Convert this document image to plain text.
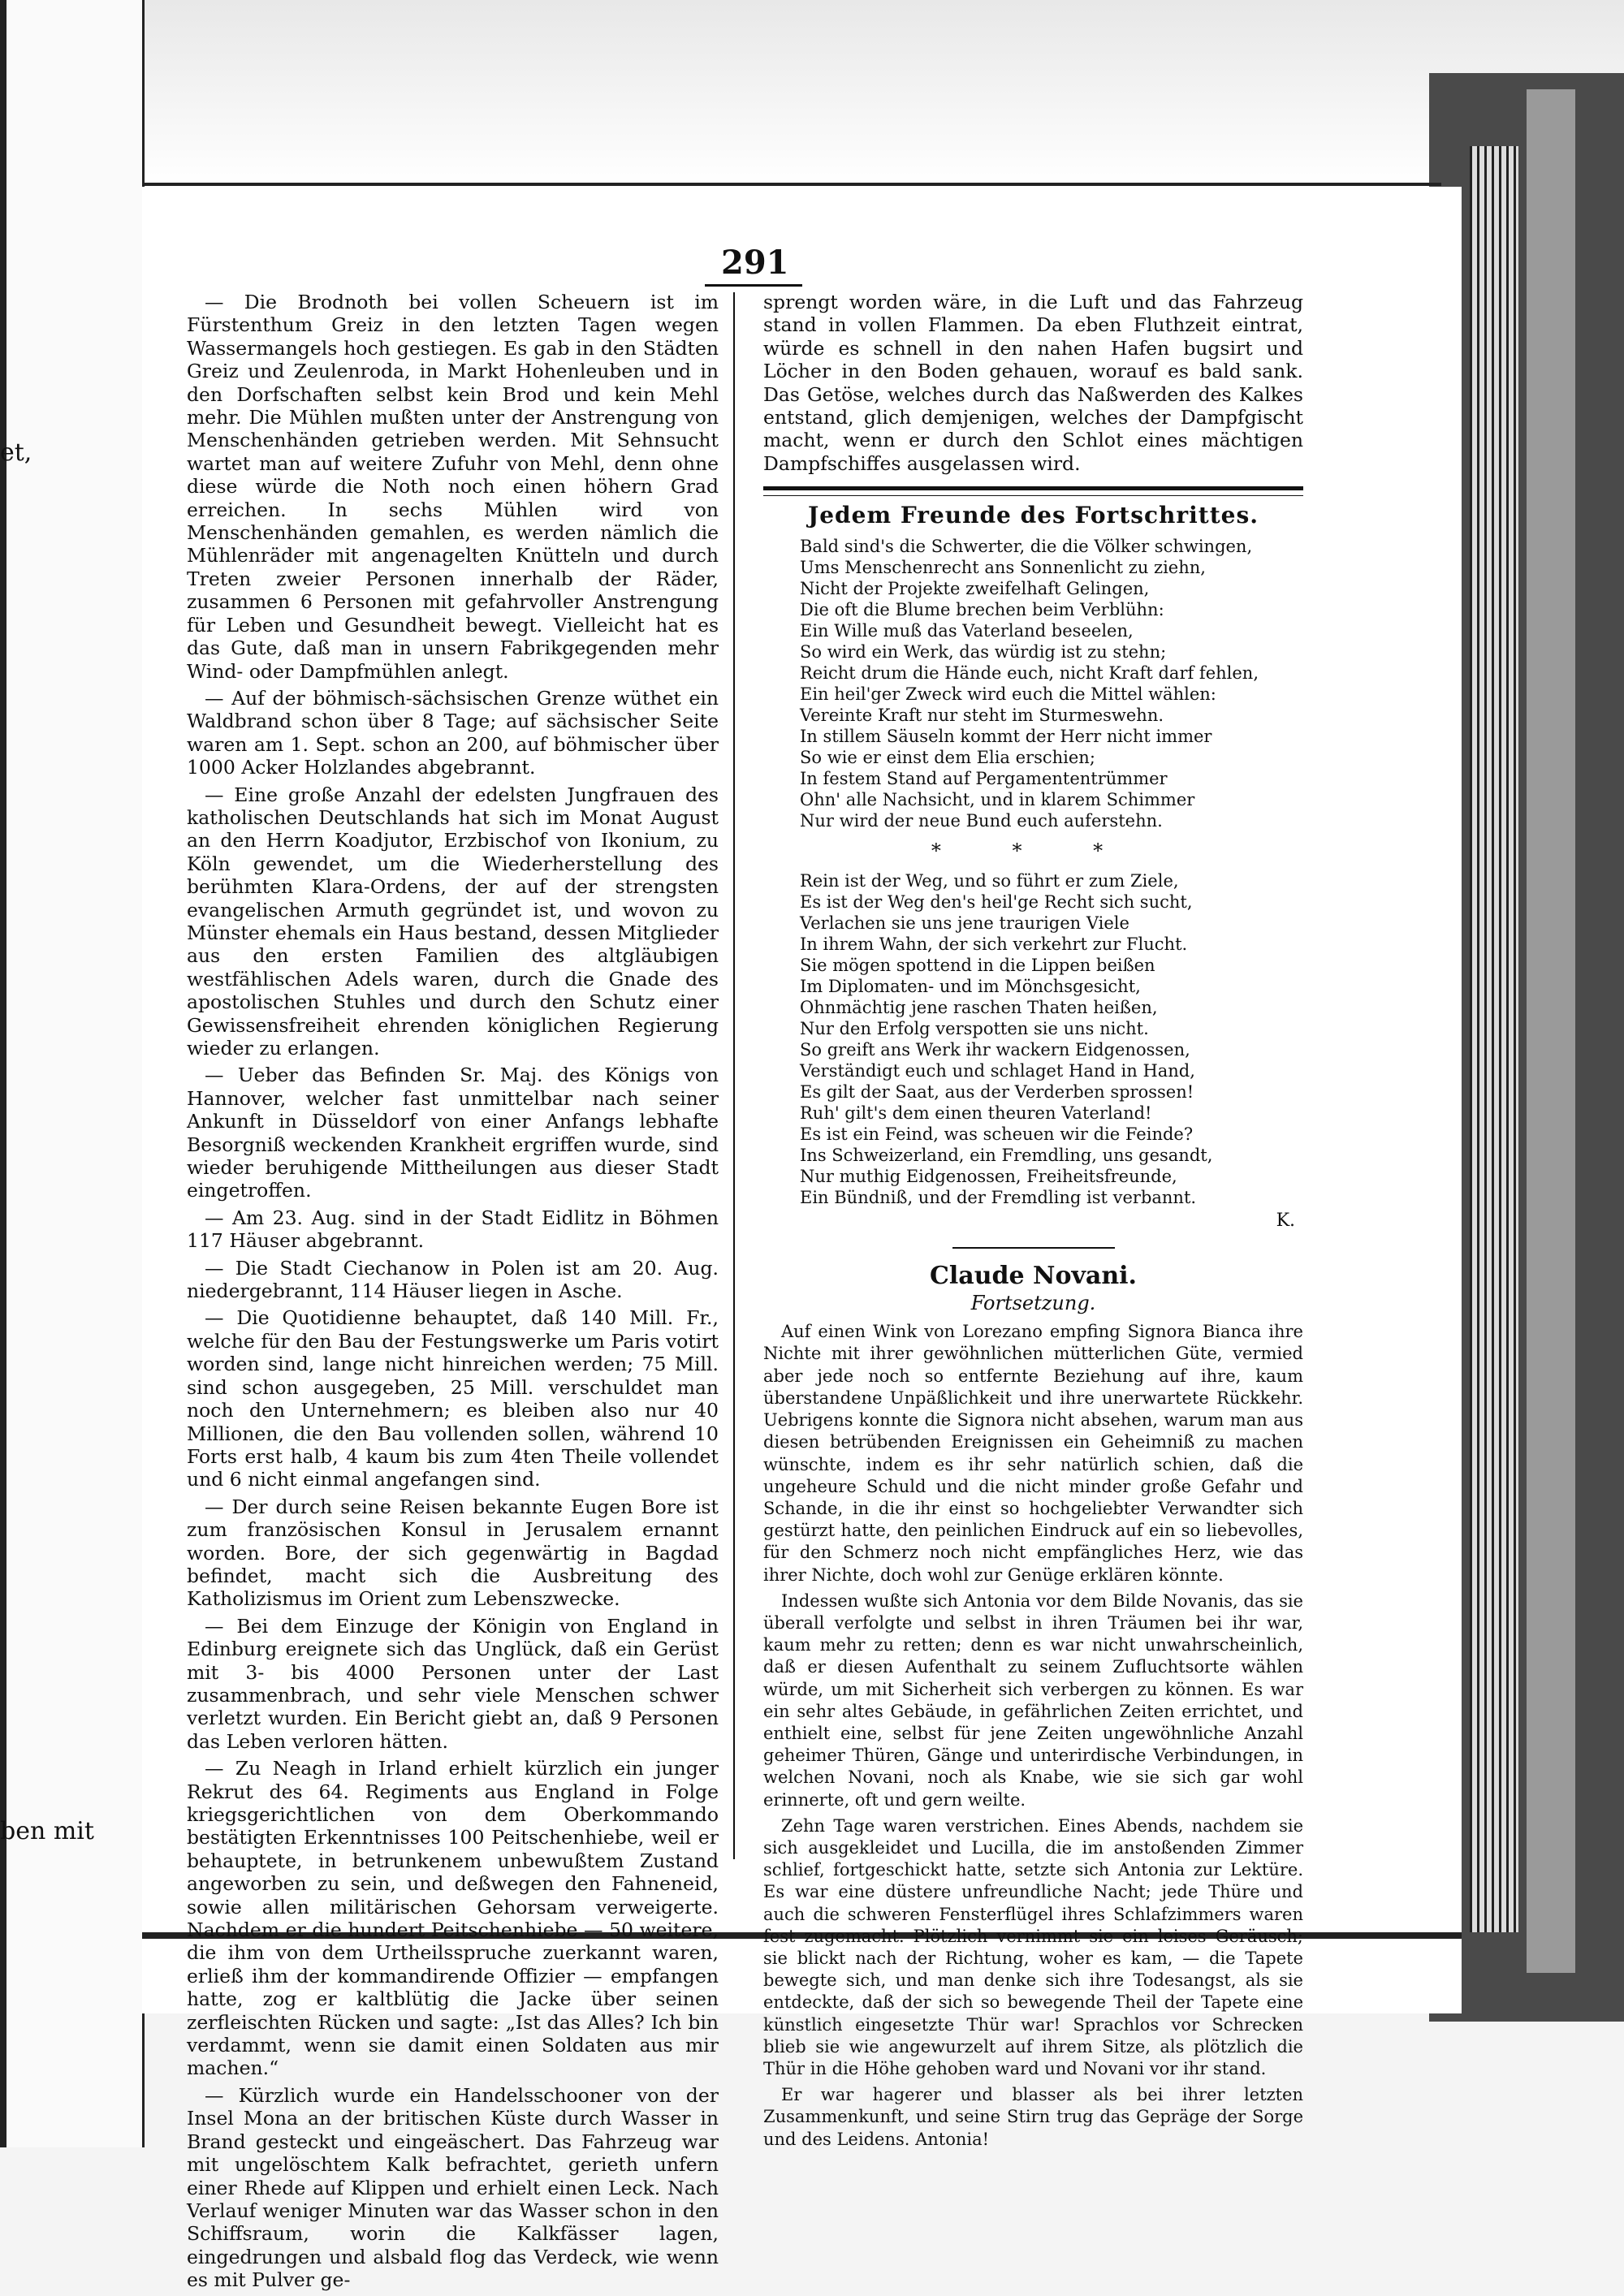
et,
ben mit
291

— Die Brodnoth bei vollen Scheuern ist im Fürstenthum Greiz in den letzten Tagen wegen Wassermangels hoch gestiegen. Es gab in den Städten Greiz und Zeulenroda, in Markt Hohenleuben und in den Dorfschaften selbst kein Brod und kein Mehl mehr. Die Mühlen mußten unter der Anstrengung von Menschenhänden getrieben werden. Mit Sehnsucht wartet man auf weitere Zufuhr von Mehl, denn ohne diese würde die Noth noch einen höhern Grad erreichen. In sechs Mühlen wird von Menschenhänden gemahlen, es werden nämlich die Mühlenräder mit angenagelten Knütteln und durch Treten zweier Personen innerhalb der Räder, zusammen 6 Personen mit gefahrvoller Anstrengung für Leben und Gesundheit bewegt. Vielleicht hat es das Gute, daß man in unsern Fabrikgegenden mehr Wind- oder Dampfmühlen anlegt.

— Auf der böhmisch-sächsischen Grenze wüthet ein Waldbrand schon über 8 Tage; auf sächsischer Seite waren am 1. Sept. schon an 200, auf böhmischer über 1000 Acker Holzlandes abgebrannt.

— Eine große Anzahl der edelsten Jungfrauen des katholischen Deutschlands hat sich im Monat August an den Herrn Koadjutor, Erzbischof von Ikonium, zu Köln gewendet, um die Wiederherstellung des berühmten Klara-Ordens, der auf der strengsten evangelischen Armuth gegründet ist, und wovon zu Münster ehemals ein Haus bestand, dessen Mitglieder aus den ersten Familien des altgläubigen westfählischen Adels waren, durch die Gnade des apostolischen Stuhles und durch den Schutz einer Gewissensfreiheit ehrenden königlichen Regierung wieder zu erlangen.

— Ueber das Befinden Sr. Maj. des Königs von Hannover, welcher fast unmittelbar nach seiner Ankunft in Düsseldorf von einer Anfangs lebhafte Besorgniß weckenden Krankheit ergriffen wurde, sind wieder beruhigende Mittheilungen aus dieser Stadt eingetroffen.

— Am 23. Aug. sind in der Stadt Eidlitz in Böhmen 117 Häuser abgebrannt.

— Die Stadt Ciechanow in Polen ist am 20. Aug. niedergebrannt, 114 Häuser liegen in Asche.

— Die Quotidienne behauptet, daß 140 Mill. Fr., welche für den Bau der Festungswerke um Paris votirt worden sind, lange nicht hinreichen werden; 75 Mill. sind schon ausgegeben, 25 Mill. verschuldet man noch den Unternehmern; es bleiben also nur 40 Millionen, die den Bau vollenden sollen, während 10 Forts erst halb, 4 kaum bis zum 4ten Theile vollendet und 6 nicht einmal angefangen sind.

— Der durch seine Reisen bekannte Eugen Bore ist zum französischen Konsul in Jerusalem ernannt worden. Bore, der sich gegenwärtig in Bagdad befindet, macht sich die Ausbreitung des Katholizismus im Orient zum Lebenszwecke.

— Bei dem Einzuge der Königin von England in Edinburg ereignete sich das Unglück, daß ein Gerüst mit 3- bis 4000 Personen unter der Last zusammenbrach, und sehr viele Menschen schwer verletzt wurden. Ein Bericht giebt an, daß 9 Personen das Leben verloren hätten.

— Zu Neagh in Irland erhielt kürzlich ein junger Rekrut des 64. Regiments aus England in Folge kriegsgerichtlichen von dem Oberkommando bestätigten Erkenntnisses 100 Peitschenhiebe, weil er behauptete, in betrunkenem unbewußtem Zustand angeworben zu sein, und deßwegen den Fahneneid, sowie allen militärischen Gehorsam verweigerte. Nachdem er die hundert Peitschenhiebe — 50 weitere, die ihm von dem Urtheilsspruche zuerkannt waren, erließ ihm der kommandirende Offizier — empfangen hatte, zog er kaltblütig die Jacke über seinen zerfleischten Rücken und sagte: „Ist das Alles? Ich bin verdammt, wenn sie damit einen Soldaten aus mir machen.“

— Kürzlich wurde ein Handelsschooner von der Insel Mona an der britischen Küste durch Wasser in Brand gesteckt und eingeäschert. Das Fahrzeug war mit ungelöschtem Kalk befrachtet, gerieth unfern einer Rhede auf Klippen und erhielt einen Leck. Nach Verlauf weniger Minuten war das Wasser schon in den Schiffsraum, worin die Kalkfässer lagen, eingedrungen und alsbald flog das Verdeck, wie wenn es mit Pulver ge-

sprengt worden wäre, in die Luft und das Fahrzeug stand in vollen Flammen. Da eben Fluthzeit eintrat, würde es schnell in den nahen Hafen bugsirt und Löcher in den Boden gehauen, worauf es bald sank. Das Getöse, welches durch das Naßwerden des Kalkes entstand, glich demjenigen, welches der Dampfgischt macht, wenn er durch den Schlot eines mächtigen Dampfschiffes ausgelassen wird.

Jedem Freunde des Fortschrittes.
Bald sind's die Schwerter, die die Völker schwingen,
Ums Menschenrecht ans Sonnenlicht zu ziehn,
Nicht der Projekte zweifelhaft Gelingen,
Die oft die Blume brechen beim Verblühn:
Ein Wille muß das Vaterland beseelen,
So wird ein Werk, das würdig ist zu stehn;
Reicht drum die Hände euch, nicht Kraft darf fehlen,
Ein heil'ger Zweck wird euch die Mittel wählen:
Vereinte Kraft nur steht im Sturmeswehn.
In stillem Säuseln kommt der Herr nicht immer
So wie er einst dem Elia erschien;
In festem Stand auf Pergamententrümmer
Ohn' alle Nachsicht, und in klarem Schimmer
Nur wird der neue Bund euch auferstehn.
* * *
Rein ist der Weg, und so führt er zum Ziele,
Es ist der Weg den's heil'ge Recht sich sucht,
Verlachen sie uns jene traurigen Viele
In ihrem Wahn, der sich verkehrt zur Flucht.
Sie mögen spottend in die Lippen beißen
Im Diplomaten- und im Mönchsgesicht,
Ohnmächtig jene raschen Thaten heißen,
Nur den Erfolg verspotten sie uns nicht.
So greift ans Werk ihr wackern Eidgenossen,
Verständigt euch und schlaget Hand in Hand,
Es gilt der Saat, aus der Verderben sprossen!
Ruh' gilt's dem einen theuren Vaterland!
Es ist ein Feind, was scheuen wir die Feinde?
Ins Schweizerland, ein Fremdling, uns gesandt,
Nur muthig Eidgenossen, Freiheitsfreunde,
Ein Bündniß, und der Fremdling ist verbannt.
K.
Claude Novani.
Fortsetzung.

Auf einen Wink von Lorezano empfing Signora Bianca ihre Nichte mit ihrer gewöhnlichen mütterlichen Güte, vermied aber jede noch so entfernte Beziehung auf ihre, kaum überstandene Unpäßlichkeit und ihre unerwartete Rückkehr. Uebrigens konnte die Signora nicht absehen, warum man aus diesen betrübenden Ereignissen ein Geheimniß zu machen wünschte, indem es ihr sehr natürlich schien, daß die ungeheure Schuld und die nicht minder große Gefahr und Schande, in die ihr einst so hochgeliebter Verwandter sich gestürzt hatte, den peinlichen Eindruck auf ein so liebevolles, für den Schmerz noch nicht empfängliches Herz, wie das ihrer Nichte, doch wohl zur Genüge erklären könnte.

Indessen wußte sich Antonia vor dem Bilde Novanis, das sie überall verfolgte und selbst in ihren Träumen bei ihr war, kaum mehr zu retten; denn es war nicht unwahrscheinlich, daß er diesen Aufenthalt zu seinem Zufluchtsorte wählen würde, um mit Sicherheit sich verbergen zu können. Es war ein sehr altes Gebäude, in gefährlichen Zeiten errichtet, und enthielt eine, selbst für jene Zeiten ungewöhnliche Anzahl geheimer Thüren, Gänge und unterirdische Verbindungen, in welchen Novani, noch als Knabe, wie sie sich gar wohl erinnerte, oft und gern weilte.

Zehn Tage waren verstrichen. Eines Abends, nachdem sie sich ausgekleidet und Lucilla, die im anstoßenden Zimmer schlief, fortgeschickt hatte, setzte sich Antonia zur Lektüre. Es war eine düstere unfreundliche Nacht; jede Thüre und auch die schweren Fensterflügel ihres Schlafzimmers waren fest zugemacht. Plötzlich vernimmt sie ein leises Geräusch; sie blickt nach der Richtung, woher es kam, — die Tapete bewegte sich, und man denke sich ihre Todesangst, als sie entdeckte, daß der sich so bewegende Theil der Tapete eine künstlich eingesetzte Thür war! Sprachlos vor Schrecken blieb sie wie angewurzelt auf ihrem Sitze, als plötzlich die Thür in die Höhe gehoben ward und Novani vor ihr stand.

Er war hagerer und blasser als bei ihrer letzten Zusammenkunft, und seine Stirn trug das Gepräge der Sorge und des Leidens. Antonia!
